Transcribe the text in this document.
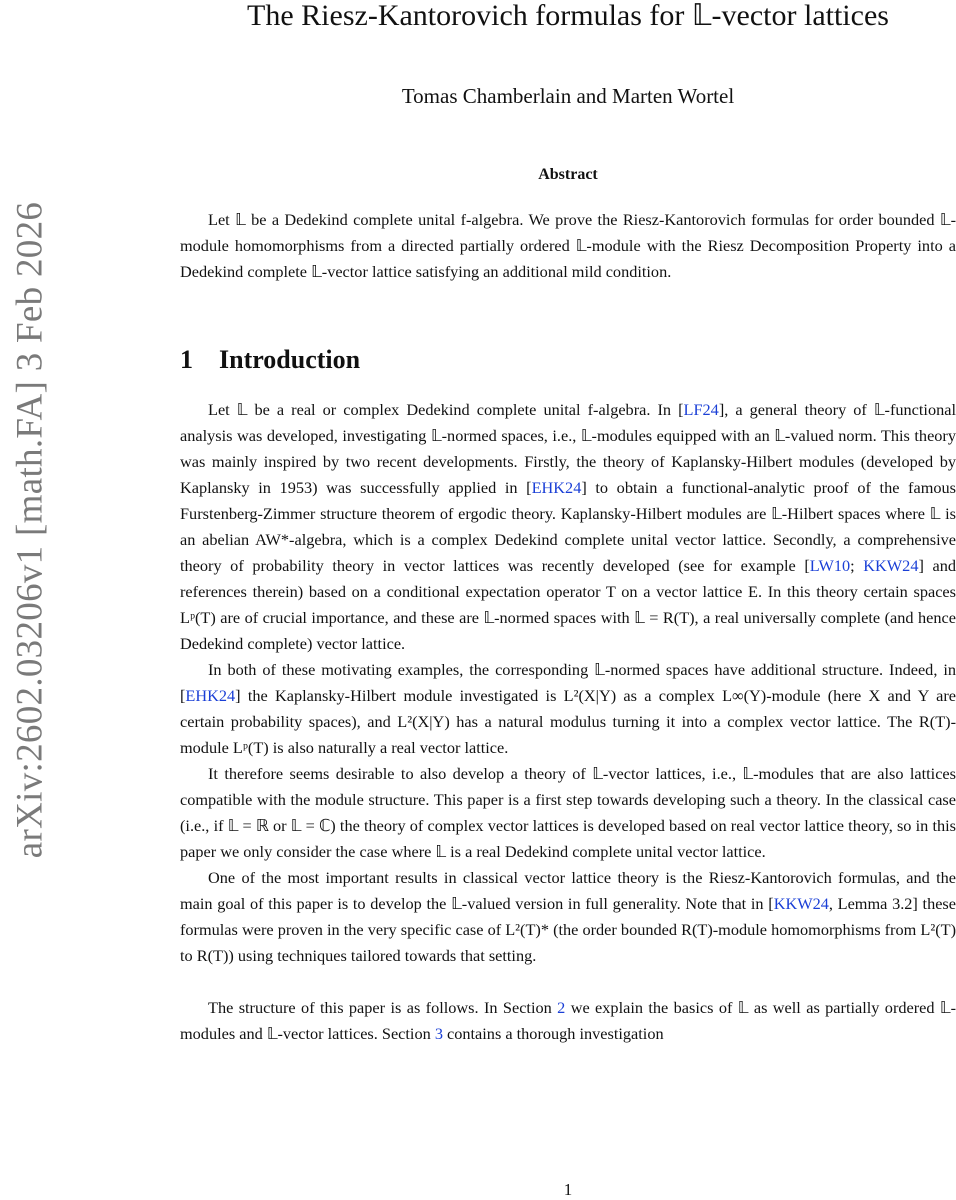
arXiv:2602.03206v1 [math.FA] 3 Feb 2026
The Riesz-Kantorovich formulas for 𝕃-vector lattices
Tomas Chamberlain and Marten Wortel
Abstract

Let 𝕃 be a Dedekind complete unital f-algebra. We prove the Riesz-Kantorovich formulas for order bounded 𝕃-module homomorphisms from a directed partially ordered 𝕃-module with the Riesz Decomposition Property into a Dedekind complete 𝕃-vector lattice satisfying an additional mild condition.

1 Introduction

Let 𝕃 be a real or complex Dedekind complete unital f-algebra. In [LF24], a general theory of 𝕃-functional analysis was developed, investigating 𝕃-normed spaces, i.e., 𝕃-modules equipped with an 𝕃-valued norm. This theory was mainly inspired by two recent developments. Firstly, the theory of Kaplansky-Hilbert modules (developed by Kaplansky in 1953) was successfully applied in [EHK24] to obtain a functional-analytic proof of the famous Furstenberg-Zimmer structure theorem of ergodic theory. Kaplansky-Hilbert modules are 𝕃-Hilbert spaces where 𝕃 is an abelian AW*-algebra, which is a complex Dedekind complete unital vector lattice. Secondly, a comprehensive theory of probability theory in vector lattices was recently developed (see for example [LW10; KKW24] and references therein) based on a conditional expectation operator T on a vector lattice E. In this theory certain spaces Lᵖ(T) are of crucial importance, and these are 𝕃-normed spaces with 𝕃 = R(T), a real universally complete (and hence Dedekind complete) vector lattice.

In both of these motivating examples, the corresponding 𝕃-normed spaces have additional structure. Indeed, in [EHK24] the Kaplansky-Hilbert module investigated is L²(X|Y) as a complex L∞(Y)-module (here X and Y are certain probability spaces), and L²(X|Y) has a natural modulus turning it into a complex vector lattice. The R(T)-module Lᵖ(T) is also naturally a real vector lattice.

It therefore seems desirable to also develop a theory of 𝕃-vector lattices, i.e., 𝕃-modules that are also lattices compatible with the module structure. This paper is a first step towards developing such a theory. In the classical case (i.e., if 𝕃 = ℝ or 𝕃 = ℂ) the theory of complex vector lattices is developed based on real vector lattice theory, so in this paper we only consider the case where 𝕃 is a real Dedekind complete unital vector lattice.

One of the most important results in classical vector lattice theory is the Riesz-Kantorovich formulas, and the main goal of this paper is to develop the 𝕃-valued version in full generality. Note that in [KKW24, Lemma 3.2] these formulas were proven in the very specific case of L²(T)* (the order bounded R(T)-module homomorphisms from L²(T) to R(T)) using techniques tailored towards that setting.

The structure of this paper is as follows. In Section 2 we explain the basics of 𝕃 as well as partially ordered 𝕃-modules and 𝕃-vector lattices. Section 3 contains a thorough investigation

1
